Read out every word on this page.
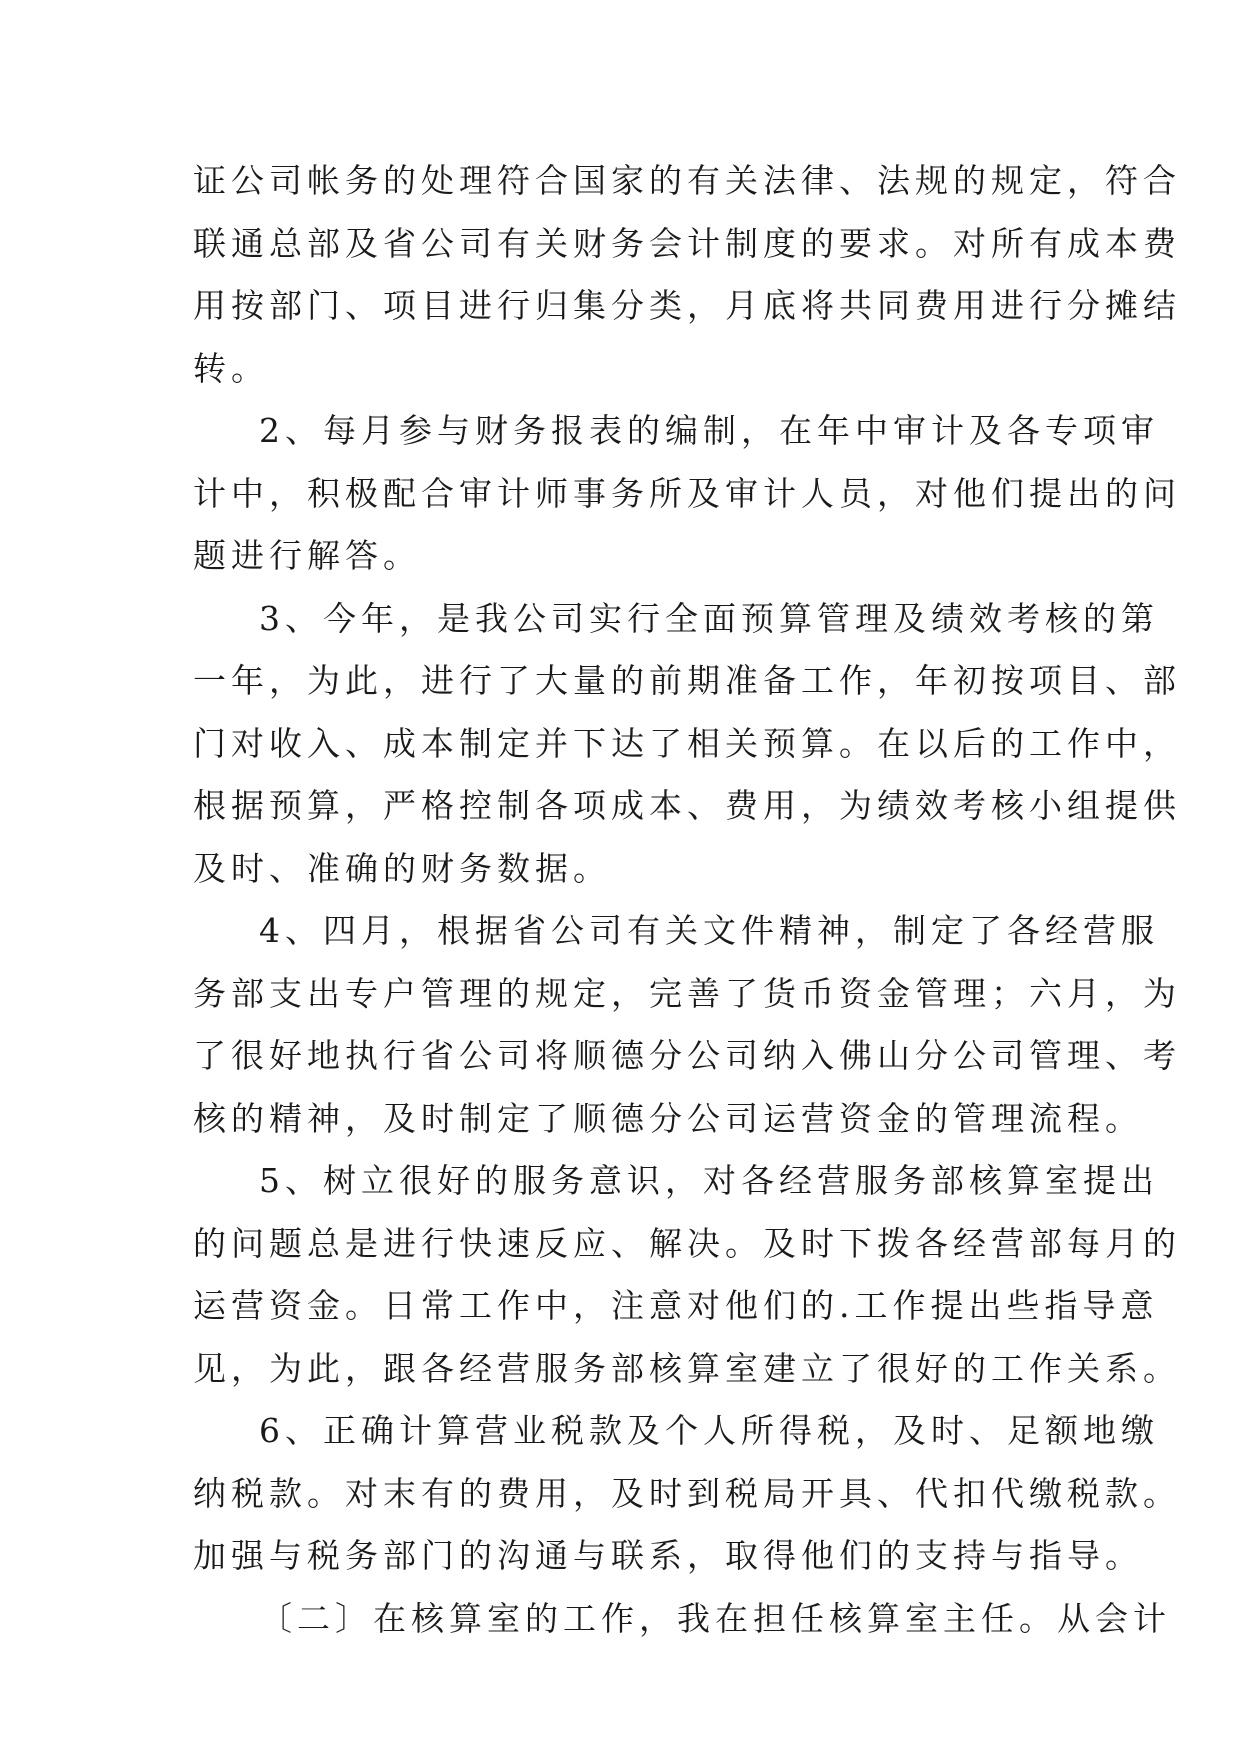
证公司帐务的处理符合国家的有关法律、法规的规定，符合
联通总部及省公司有关财务会计制度的要求。对所有成本费
用按部门、项目进行归集分类，月底将共同费用进行分摊结
转。

2、每月参与财务报表的编制，在年中审计及各专项审
计中，积极配合审计师事务所及审计人员，对他们提出的问
题进行解答。

3、今年，是我公司实行全面预算管理及绩效考核的第
一年，为此，进行了大量的前期准备工作，年初按项目、部
门对收入、成本制定并下达了相关预算。在以后的工作中，
根据预算，严格控制各项成本、费用，为绩效考核小组提供
及时、准确的财务数据。

4、四月，根据省公司有关文件精神，制定了各经营服
务部支出专户管理的规定，完善了货币资金管理；六月，为
了很好地执行省公司将顺德分公司纳入佛山分公司管理、考
核的精神，及时制定了顺德分公司运营资金的管理流程。

5、树立很好的服务意识，对各经营服务部核算室提出
的问题总是进行快速反应、解决。及时下拨各经营部每月的
运营资金。日常工作中，注意对他们的.工作提出些指导意
见，为此，跟各经营服务部核算室建立了很好的工作关系。

6、正确计算营业税款及个人所得税，及时、足额地缴
纳税款。对末有的费用，及时到税局开具、代扣代缴税款。
加强与税务部门的沟通与联系，取得他们的支持与指导。

〔二〕在核算室的工作，我在担任核算室主任。从会计
